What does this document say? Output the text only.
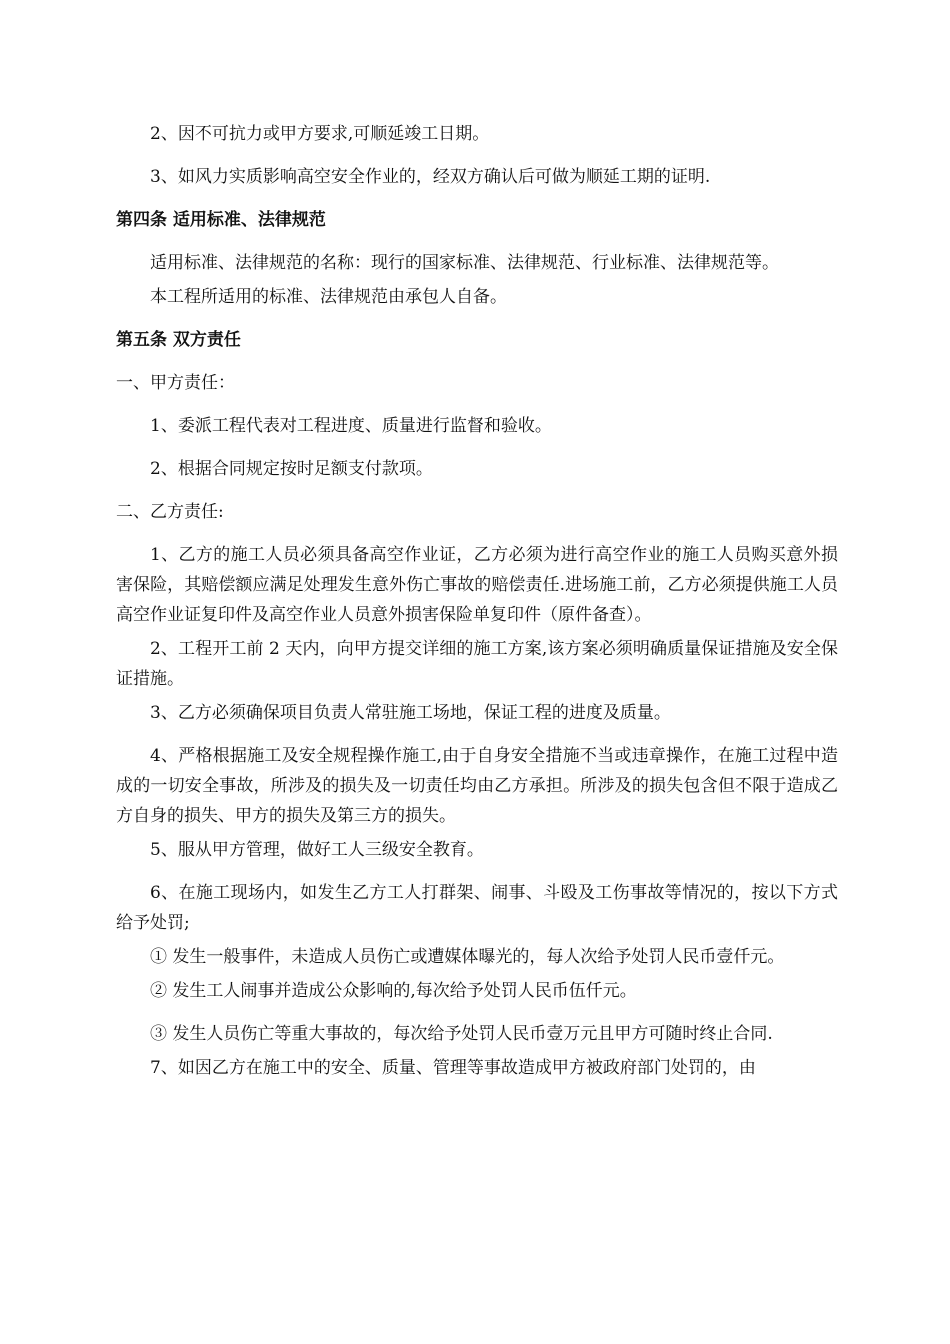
2、因不可抗力或甲方要求,可顺延竣工日期。

3、如风力实质影响高空安全作业的，经双方确认后可做为顺延工期的证明.

第四条 适用标准、法律规范

适用标准、法律规范的名称：现行的国家标准、法律规范、行业标准、法律规范等。

本工程所适用的标准、法律规范由承包人自备。

第五条 双方责任

一、甲方责任：

1、委派工程代表对工程进度、质量进行监督和验收。

2、根据合同规定按时足额支付款项。

二、乙方责任:

1、乙方的施工人员必须具备高空作业证，乙方必须为进行高空作业的施工人员购买意外损害保险，其赔偿额应满足处理发生意外伤亡事故的赔偿责任.进场施工前，乙方必须提供施工人员高空作业证复印件及高空作业人员意外损害保险单复印件（原件备查）。

2、工程开工前 2 天内，向甲方提交详细的施工方案,该方案必须明确质量保证措施及安全保证措施。

3、乙方必须确保项目负责人常驻施工场地，保证工程的进度及质量。

4、严格根据施工及安全规程操作施工,由于自身安全措施不当或违章操作，在施工过程中造成的一切安全事故，所涉及的损失及一切责任均由乙方承担。所涉及的损失包含但不限于造成乙方自身的损失、甲方的损失及第三方的损失。

5、服从甲方管理，做好工人三级安全教育。

6、在施工现场内，如发生乙方工人打群架、闹事、斗殴及工伤事故等情况的，按以下方式给予处罚;

① 发生一般事件，未造成人员伤亡或遭媒体曝光的，每人次给予处罚人民币壹仟元。

② 发生工人闹事并造成公众影响的,每次给予处罚人民币伍仟元。

③ 发生人员伤亡等重大事故的，每次给予处罚人民币壹万元且甲方可随时终止合同.

7、如因乙方在施工中的安全、质量、管理等事故造成甲方被政府部门处罚的，由
